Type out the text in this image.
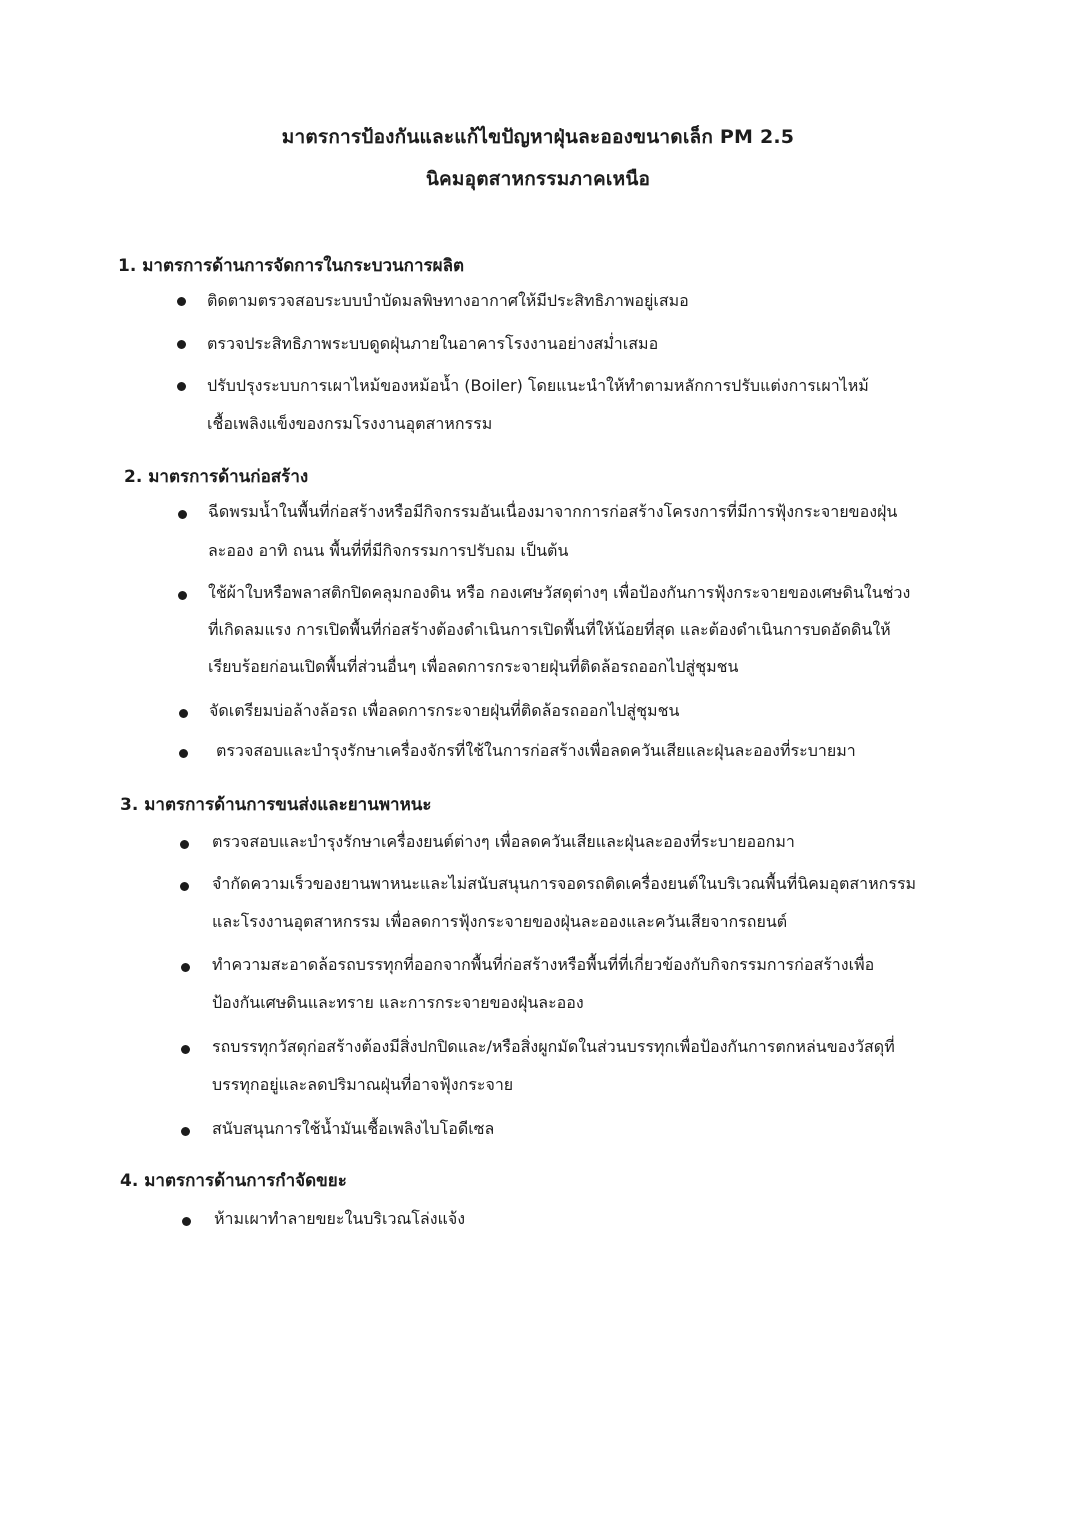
มาตรการป้องกันและแก้ไขปัญหาฝุ่นละอองขนาดเล็ก PM 2.5
นิคมอุตสาหกรรมภาคเหนือ
1. มาตรการด้านการจัดการในกระบวนการผลิต
ติดตามตรวจสอบระบบบำบัดมลพิษทางอากาศให้มีประสิทธิภาพอยู่เสมอ
ตรวจประสิทธิภาพระบบดูดฝุ่นภายในอาคารโรงงานอย่างสม่ำเสมอ
ปรับปรุงระบบการเผาไหม้ของหม้อน้ำ (Boiler) โดยแนะนำให้ทำตามหลักการปรับแต่งการเผาไหม้
เชื้อเพลิงแข็งของกรมโรงงานอุตสาหกรรม
2. มาตรการด้านก่อสร้าง
ฉีดพรมน้ำในพื้นที่ก่อสร้างหรือมีกิจกรรมอันเนื่องมาจากการก่อสร้างโครงการที่มีการฟุ้งกระจายของฝุ่น
ละออง อาทิ ถนน พื้นที่ที่มีกิจกรรมการปรับถม เป็นต้น
ใช้ผ้าใบหรือพลาสติกปิดคลุมกองดิน หรือ กองเศษวัสดุต่างๆ เพื่อป้องกันการฟุ้งกระจายของเศษดินในช่วง
ที่เกิดลมแรง การเปิดพื้นที่ก่อสร้างต้องดำเนินการเปิดพื้นที่ให้น้อยที่สุด และต้องดำเนินการบดอัดดินให้
เรียบร้อยก่อนเปิดพื้นที่ส่วนอื่นๆ เพื่อลดการกระจายฝุ่นที่ติดล้อรถออกไปสู่ชุมชน
จัดเตรียมบ่อล้างล้อรถ เพื่อลดการกระจายฝุ่นที่ติดล้อรถออกไปสู่ชุมชน
ตรวจสอบและบำรุงรักษาเครื่องจักรที่ใช้ในการก่อสร้างเพื่อลดควันเสียและฝุ่นละอองที่ระบายมา
3. มาตรการด้านการขนส่งและยานพาหนะ
ตรวจสอบและบำรุงรักษาเครื่องยนต์ต่างๆ เพื่อลดควันเสียและฝุ่นละอองที่ระบายออกมา
จำกัดความเร็วของยานพาหนะและไม่สนับสนุนการจอดรถติดเครื่องยนต์ในบริเวณพื้นที่นิคมอุตสาหกรรม
และโรงงานอุตสาหกรรม เพื่อลดการฟุ้งกระจายของฝุ่นละอองและควันเสียจากรถยนต์
ทำความสะอาดล้อรถบรรทุกที่ออกจากพื้นที่ก่อสร้างหรือพื้นที่ที่เกี่ยวข้องกับกิจกรรมการก่อสร้างเพื่อ
ป้องกันเศษดินและทราย และการกระจายของฝุ่นละออง
รถบรรทุกวัสดุก่อสร้างต้องมีสิ่งปกปิดและ/หรือสิ่งผูกมัดในส่วนบรรทุกเพื่อป้องกันการตกหล่นของวัสดุที่
บรรทุกอยู่และลดปริมาณฝุ่นที่อาจฟุ้งกระจาย
สนับสนุนการใช้น้ำมันเชื้อเพลิงไบโอดีเซล
4. มาตรการด้านการกำจัดขยะ
ห้ามเผาทำลายขยะในบริเวณโล่งแจ้ง
